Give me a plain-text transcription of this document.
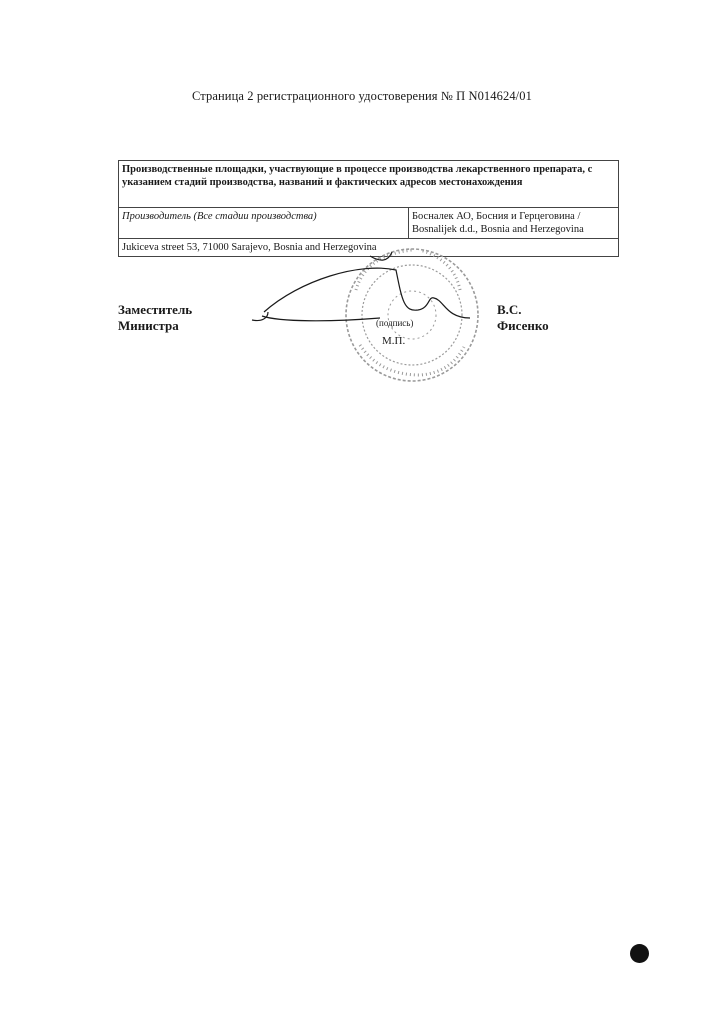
Страница 2 регистрационного удостоверения № П N014624/01
Производственные площадки, участвующие в процессе производства лекарственного препарата, с указанием стадий производства, названий и фактических адресов местонахождения
Производитель (Все стадии производства)	Босналек АО, Босния и Герцеговина / Bosnalijek d.d., Bosnia and Herzegovina
Jukiceva street 53, 71000 Sarajevo, Bosnia and Herzegovina
Заместитель Министра
В.С. Фисенко
(подпись)
М.П.
